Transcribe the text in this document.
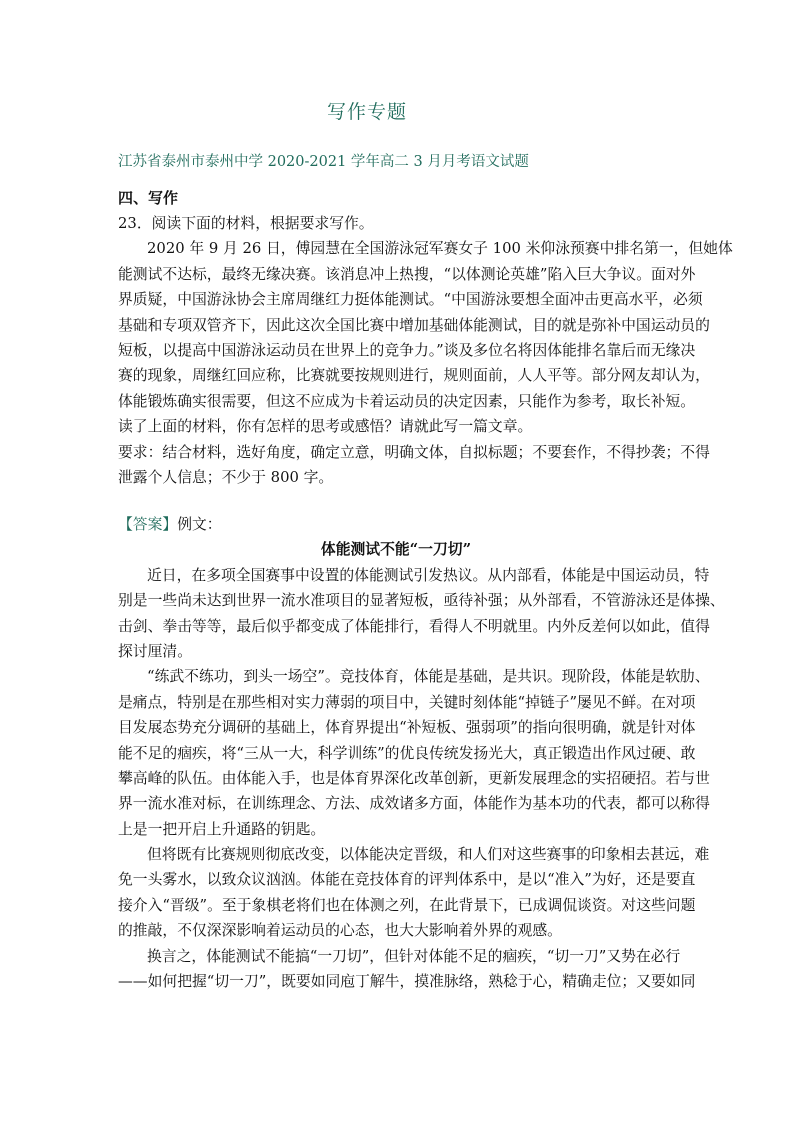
写作专题
江苏省泰州市泰州中学 2020-2021 学年高二 3 月月考语文试题
四、写作
23．阅读下面的材料，根据要求写作。
2020 年 9 月 26 日，傅园慧在全国游泳冠军赛女子 100 米仰泳预赛中排名第一，但她体
能测试不达标，最终无缘决赛。该消息冲上热搜，“以体测论英雄”陷入巨大争议。面对外
界质疑，中国游泳协会主席周继红力挺体能测试。“中国游泳要想全面冲击更高水平，必须
基础和专项双管齐下，因此这次全国比赛中增加基础体能测试，目的就是弥补中国运动员的
短板，以提高中国游泳运动员在世界上的竞争力。”谈及多位名将因体能排名靠后而无缘决
赛的现象，周继红回应称，比赛就要按规则进行，规则面前，人人平等。部分网友却认为，
体能锻炼确实很需要，但这不应成为卡着运动员的决定因素，只能作为参考，取长补短。
读了上面的材料，你有怎样的思考或感悟？请就此写一篇文章。
要求：结合材料，选好角度，确定立意，明确文体，自拟标题；不要套作，不得抄袭；不得
泄露个人信息；不少于 800 字。
【答案】例文：
体能测试不能“一刀切”
近日，在多项全国赛事中设置的体能测试引发热议。从内部看，体能是中国运动员，特
别是一些尚未达到世界一流水准项目的显著短板，亟待补强；从外部看，不管游泳还是体操、
击剑、拳击等等，最后似乎都变成了体能排行，看得人不明就里。内外反差何以如此，值得
探讨厘清。
“练武不练功，到头一场空”。竞技体育，体能是基础，是共识。现阶段，体能是软肋、
是痛点，特别是在那些相对实力薄弱的项目中，关键时刻体能“掉链子”屡见不鲜。在对项
目发展态势充分调研的基础上，体育界提出“补短板、强弱项”的指向很明确，就是针对体
能不足的痼疾，将“三从一大，科学训练”的优良传统发扬光大，真正锻造出作风过硬、敢
攀高峰的队伍。由体能入手，也是体育界深化改革创新，更新发展理念的实招硬招。若与世
界一流水准对标，在训练理念、方法、成效诸多方面，体能作为基本功的代表，都可以称得
上是一把开启上升通路的钥匙。
但将既有比赛规则彻底改变，以体能决定晋级，和人们对这些赛事的印象相去甚远，难
免一头雾水，以致众议汹汹。体能在竞技体育的评判体系中，是以“准入”为好，还是要直
接介入“晋级”。至于象棋老将们也在体测之列，在此背景下，已成调侃谈资。对这些问题
的推敲，不仅深深影响着运动员的心态，也大大影响着外界的观感。
换言之，体能测试不能搞“一刀切”，但针对体能不足的痼疾，“切一刀”又势在必行
——如何把握“切一刀”，既要如同庖丁解牛，摸准脉络，熟稔于心，精确走位；又要如同
